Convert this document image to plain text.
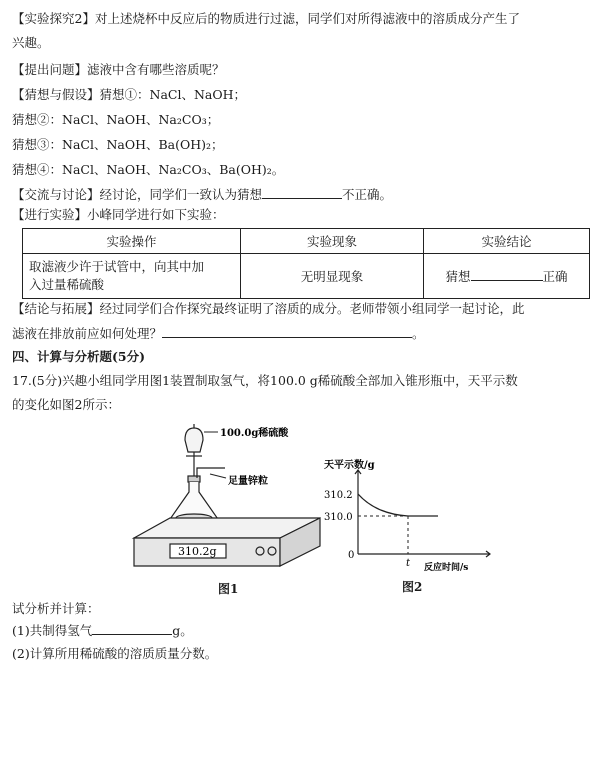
【实验探究2】对上述烧杯中反应后的物质进行过滤，同学们对所得滤液中的溶质成分产生了
兴趣。
【提出问题】滤液中含有哪些溶质呢？
【猜想与假设】猜想①：NaCl、NaOH；
猜想②：NaCl、NaOH、Na₂CO₃；
猜想③：NaCl、NaOH、Ba(OH)₂；
猜想④：NaCl、NaOH、Na₂CO₃、Ba(OH)₂。
【交流与讨论】经讨论，同学们一致认为猜想	不正确。
【进行实验】小峰同学进行如下实验：
实验操作	实验现象	实验结论

取滤液少许于试管中，向其中加
入过量稀硫酸	无明显现象	猜想 正确
【结论与拓展】经过同学们合作探究最终证明了溶质的成分。老师带领小组同学一起讨论，此
滤液在排放前应如何处理？	。
四、计算与分析题(5分)
17.(5分)兴趣小组同学用图1装置制取氢气，将100.0 g稀硫酸全部加入锥形瓶中，天平示数
的变化如图2所示：
100.0g稀硫酸
足量锌粒
310.2g
图1
天平示数/g
310.2
310.0
0
t 反应时间/s
图2
试分析并计算：
(1)共制得氢气	g。
(2)计算所用稀硫酸的溶质质量分数。
